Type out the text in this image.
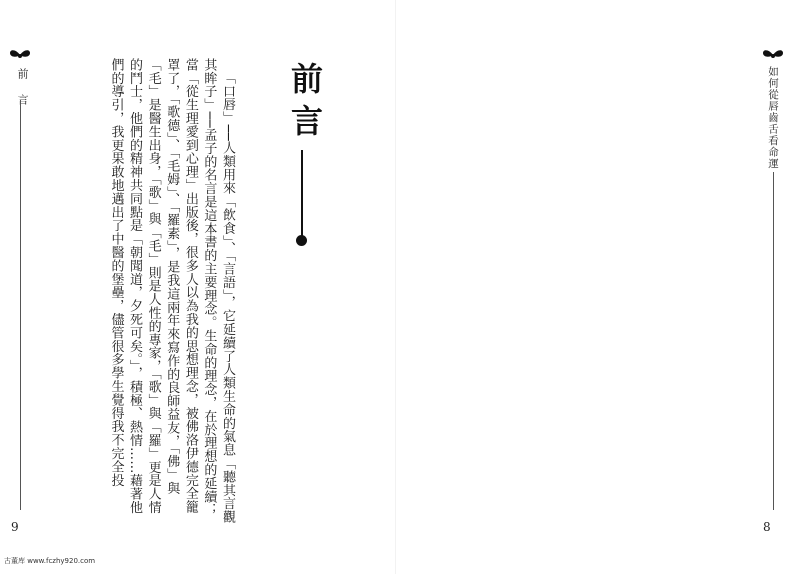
前　言
9
前言

「口唇」──人類用來「飲食」、「言語」，它延續了人類生命的氣息「聽其言觀其眸子」──孟子的名言是這本書的主要理念。生命的理念，在於理想的延續；當「從生理愛到心理」出版後，很多人以為我的思想理念，被佛洛伊德完全籠罩了，「歌德」、「毛姆」、「羅素」，是我這兩年來寫作的良師益友，「佛」與「毛」是醫生出身，「歌」與「毛」則是人性的專家，「歌」與「羅」更是人情的鬥士，他們的精神共同點是「朝聞道，夕死可矣。」，積極、熱情……藉著他們的導引，我更果敢地邁出了中醫的堡壘，儘管很多學生覺得我不完全投	如何從唇齒舌看命運
8
古董库 www.fczhy920.com
